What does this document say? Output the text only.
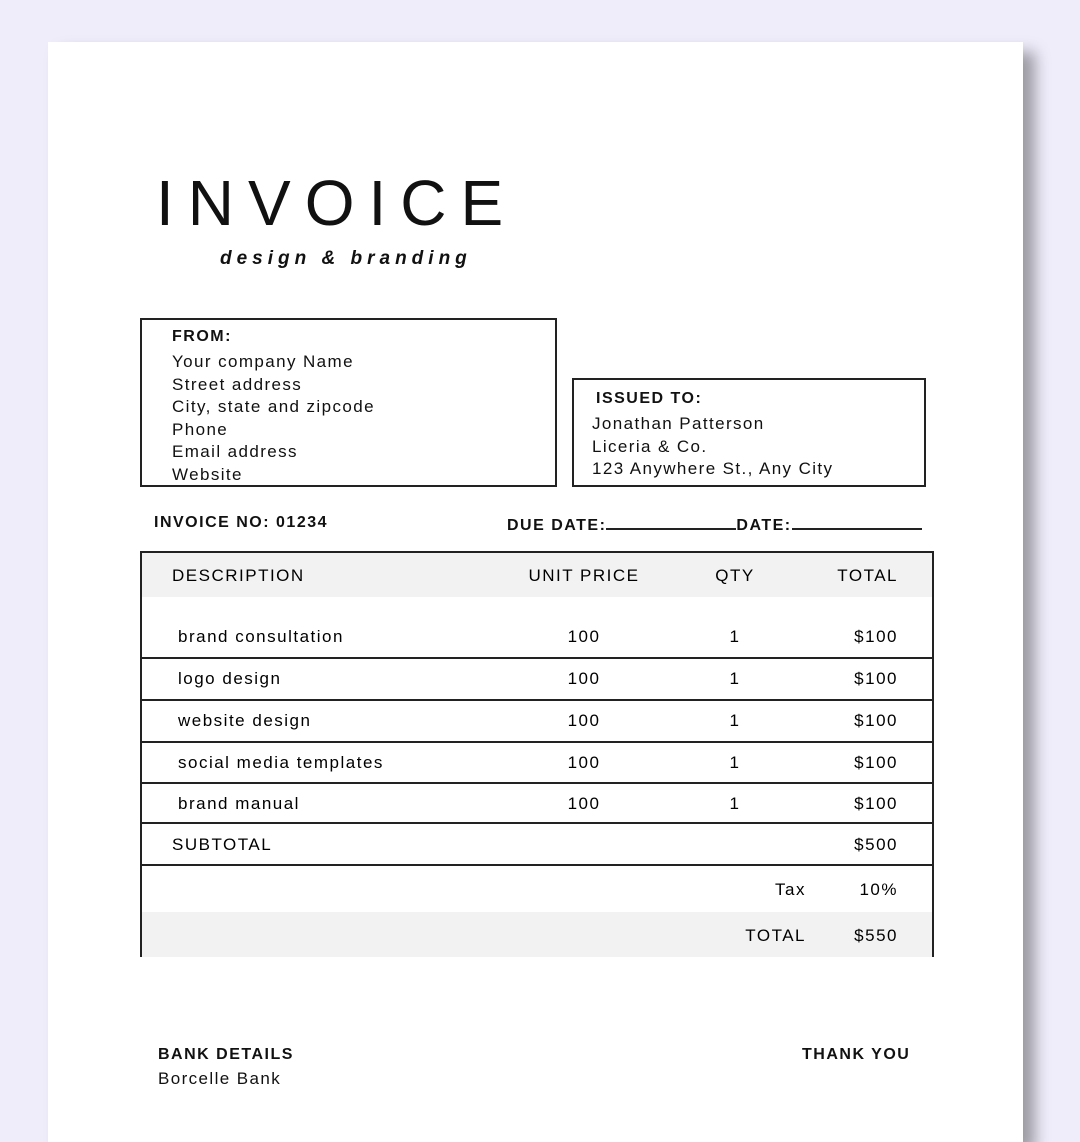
INVOICE
design & branding
FROM:
Your company Name
Street address
City, state and zipcode
Phone
Email address
Website
ISSUED TO:
Jonathan Patterson
Liceria & Co.
123 Anywhere St., Any City
INVOICE NO: 01234	DUE DATE:	DATE:
DESCRIPTION	UNIT PRICE	QTY	TOTAL
brand consultation	100	1	$100
logo design	100	1	$100
website design	100	1	$100
social media templates	100	1	$100
brand manual	100	1	$100
SUBTOTAL	$500
Tax	10%
TOTAL	$550
BANK DETAILS
Borcelle Bank
THANK YOU
